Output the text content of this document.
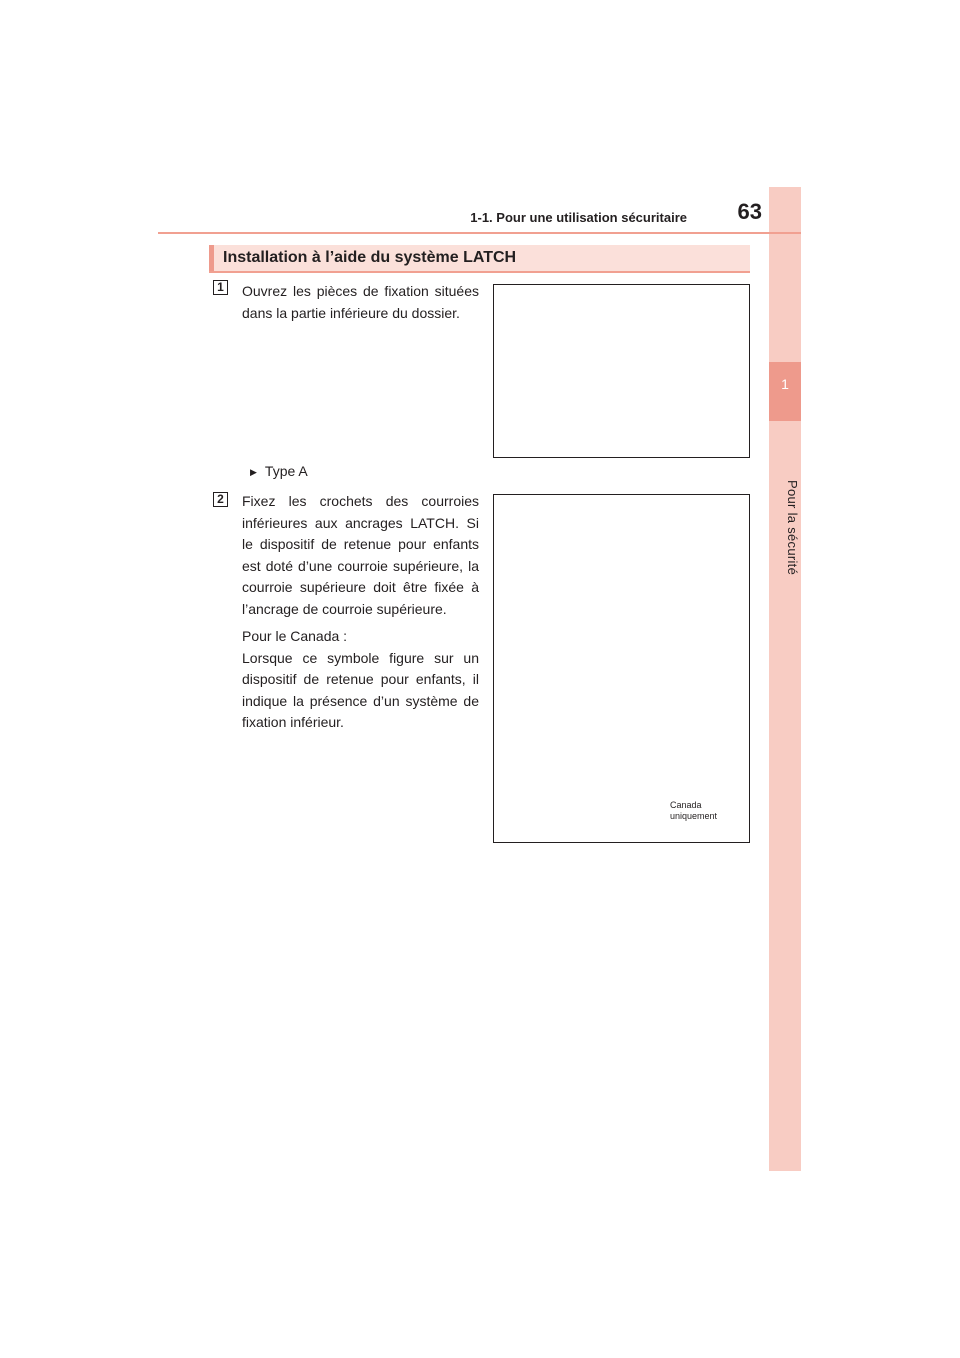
1
Pour la sécurité
1-1. Pour une utilisation sécuritaire	63
Installation à l’aide du système LATCH
1 Ouvrez les pièces de fixation situées dans la partie inférieure du dossier.

▶ Type A
2 Fixez les crochets des courroies inférieures aux ancrages LATCH. Si le dispositif de retenue pour enfants est doté d’une courroie supérieure, la courroie supérieure doit être fixée à l’ancrage de courroie supérieure.

Pour le Canada :

Lorsque ce symbole figure sur un dispositif de retenue pour enfants, il indique la présence d’un système de fixation inférieur.

Canada
uniquement
